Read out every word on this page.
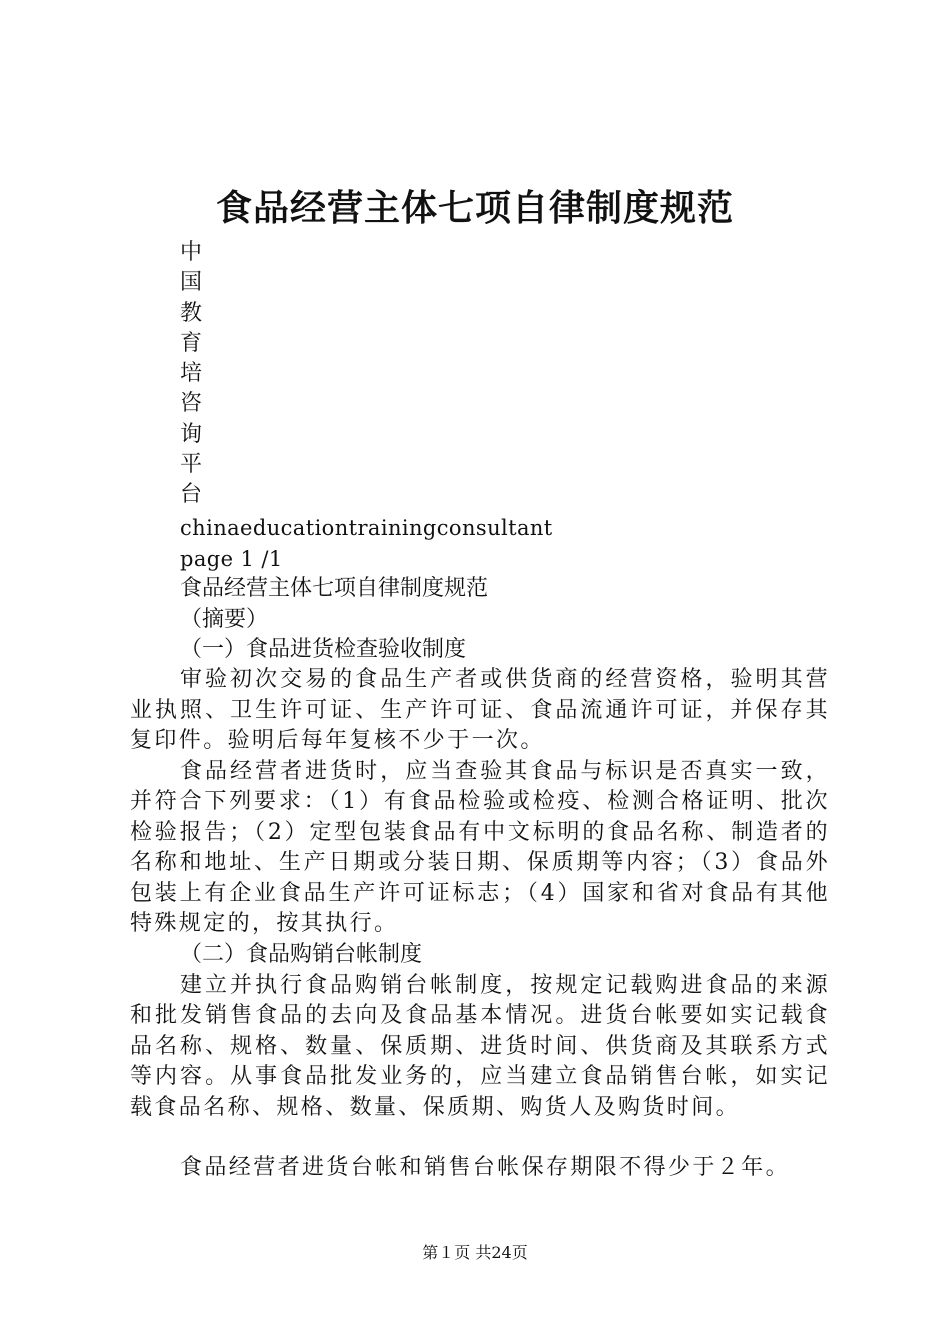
食品经营主体七项自律制度规范
中
国
教
育
培
咨
询
平
台
chinaeducationtrainingconsultant
page 1 /1
食品经营主体七项自律制度规范
（摘要）
（一）食品进货检查验收制度

审验初次交易的食品生产者或供货商的经营资格，验明其营业执照、卫生许可证、生产许可证、食品流通许可证，并保存其复印件。验明后每年复核不少于一次。

食品经营者进货时，应当查验其食品与标识是否真实一致，并符合下列要求：（1）有食品检验或检疫、检测合格证明、批次检验报告；（2）定型包装食品有中文标明的食品名称、制造者的名称和地址、生产日期或分装日期、保质期等内容；（3）食品外包装上有企业食品生产许可证标志；（4）国家和省对食品有其他特殊规定的，按其执行。

（二）食品购销台帐制度

建立并执行食品购销台帐制度，按规定记载购进食品的来源和批发销售食品的去向及食品基本情况。进货台帐要如实记载食品名称、规格、数量、保质期、进货时间、供货商及其联系方式等内容。从事食品批发业务的，应当建立食品销售台帐，如实记载食品名称、规格、数量、保质期、购货人及购货时间。

食品经营者进货台帐和销售台帐保存期限不得少于２年。

第１页 共24页
